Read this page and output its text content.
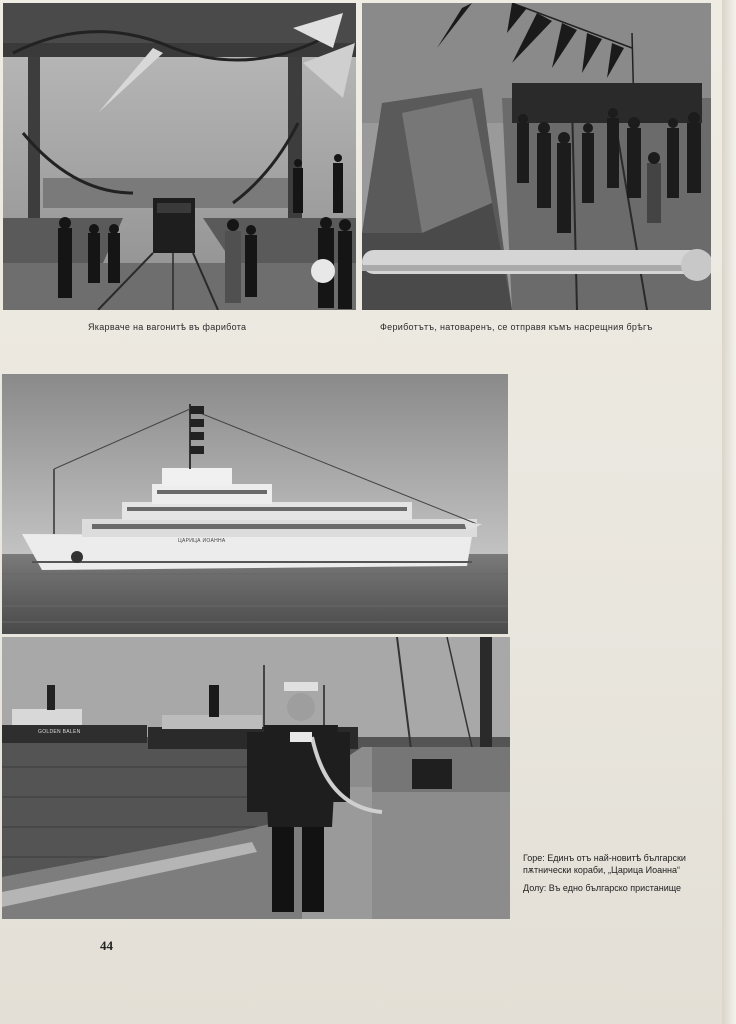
Якарваче на вагонитѣ въ фарибота	Фериботътъ, натоваренъ, се отправя къмъ насрещния брѣгъ
ЦАРИЦА ИОАННА
GOLDEN BALEN

Горе: Единъ отъ най-новитѣ български пѫтнически кораби, „Царица Иоанна“

Долу: Въ едно българско пристанище

44
